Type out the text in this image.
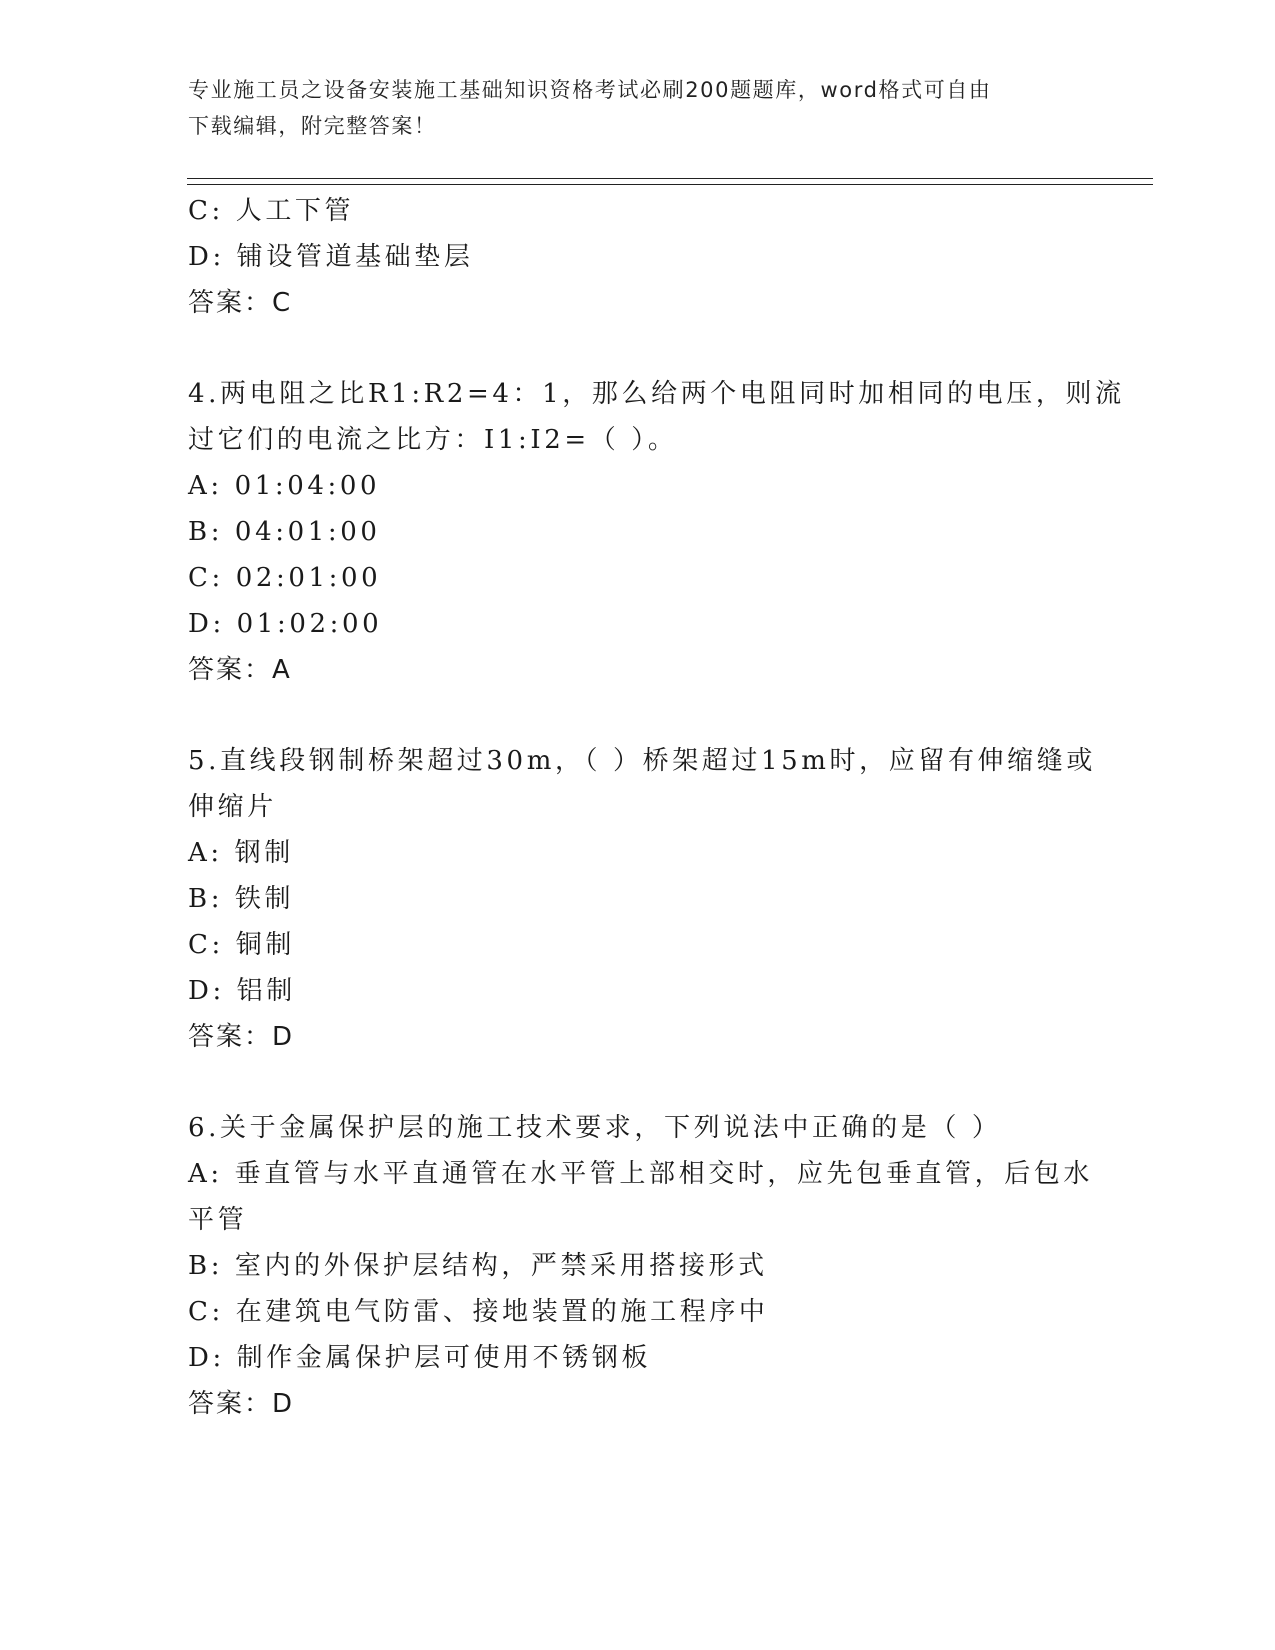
专业施工员之设备安装施工基础知识资格考试必刷200题题库，word格式可自由
下载编辑，附完整答案！
C: 人工下管
D: 铺设管道基础垫层
答案：C
4.两电阻之比R1:R2=4：1，那么给两个电阻同时加相同的电压，则流
过它们的电流之比方：I1:I2=（ ）。
A: 01:04:00
B: 04:01:00
C: 02:01:00
D: 01:02:00
答案：A
5.直线段钢制桥架超过30m，（ ）桥架超过15m时，应留有伸缩缝或
伸缩片
A: 钢制
B: 铁制
C: 铜制
D: 铝制
答案：D
6.关于金属保护层的施工技术要求，下列说法中正确的是（ ）
A: 垂直管与水平直通管在水平管上部相交时，应先包垂直管，后包水
平管
B: 室内的外保护层结构，严禁采用搭接形式
C: 在建筑电气防雷、接地装置的施工程序中
D: 制作金属保护层可使用不锈钢板
答案：D
